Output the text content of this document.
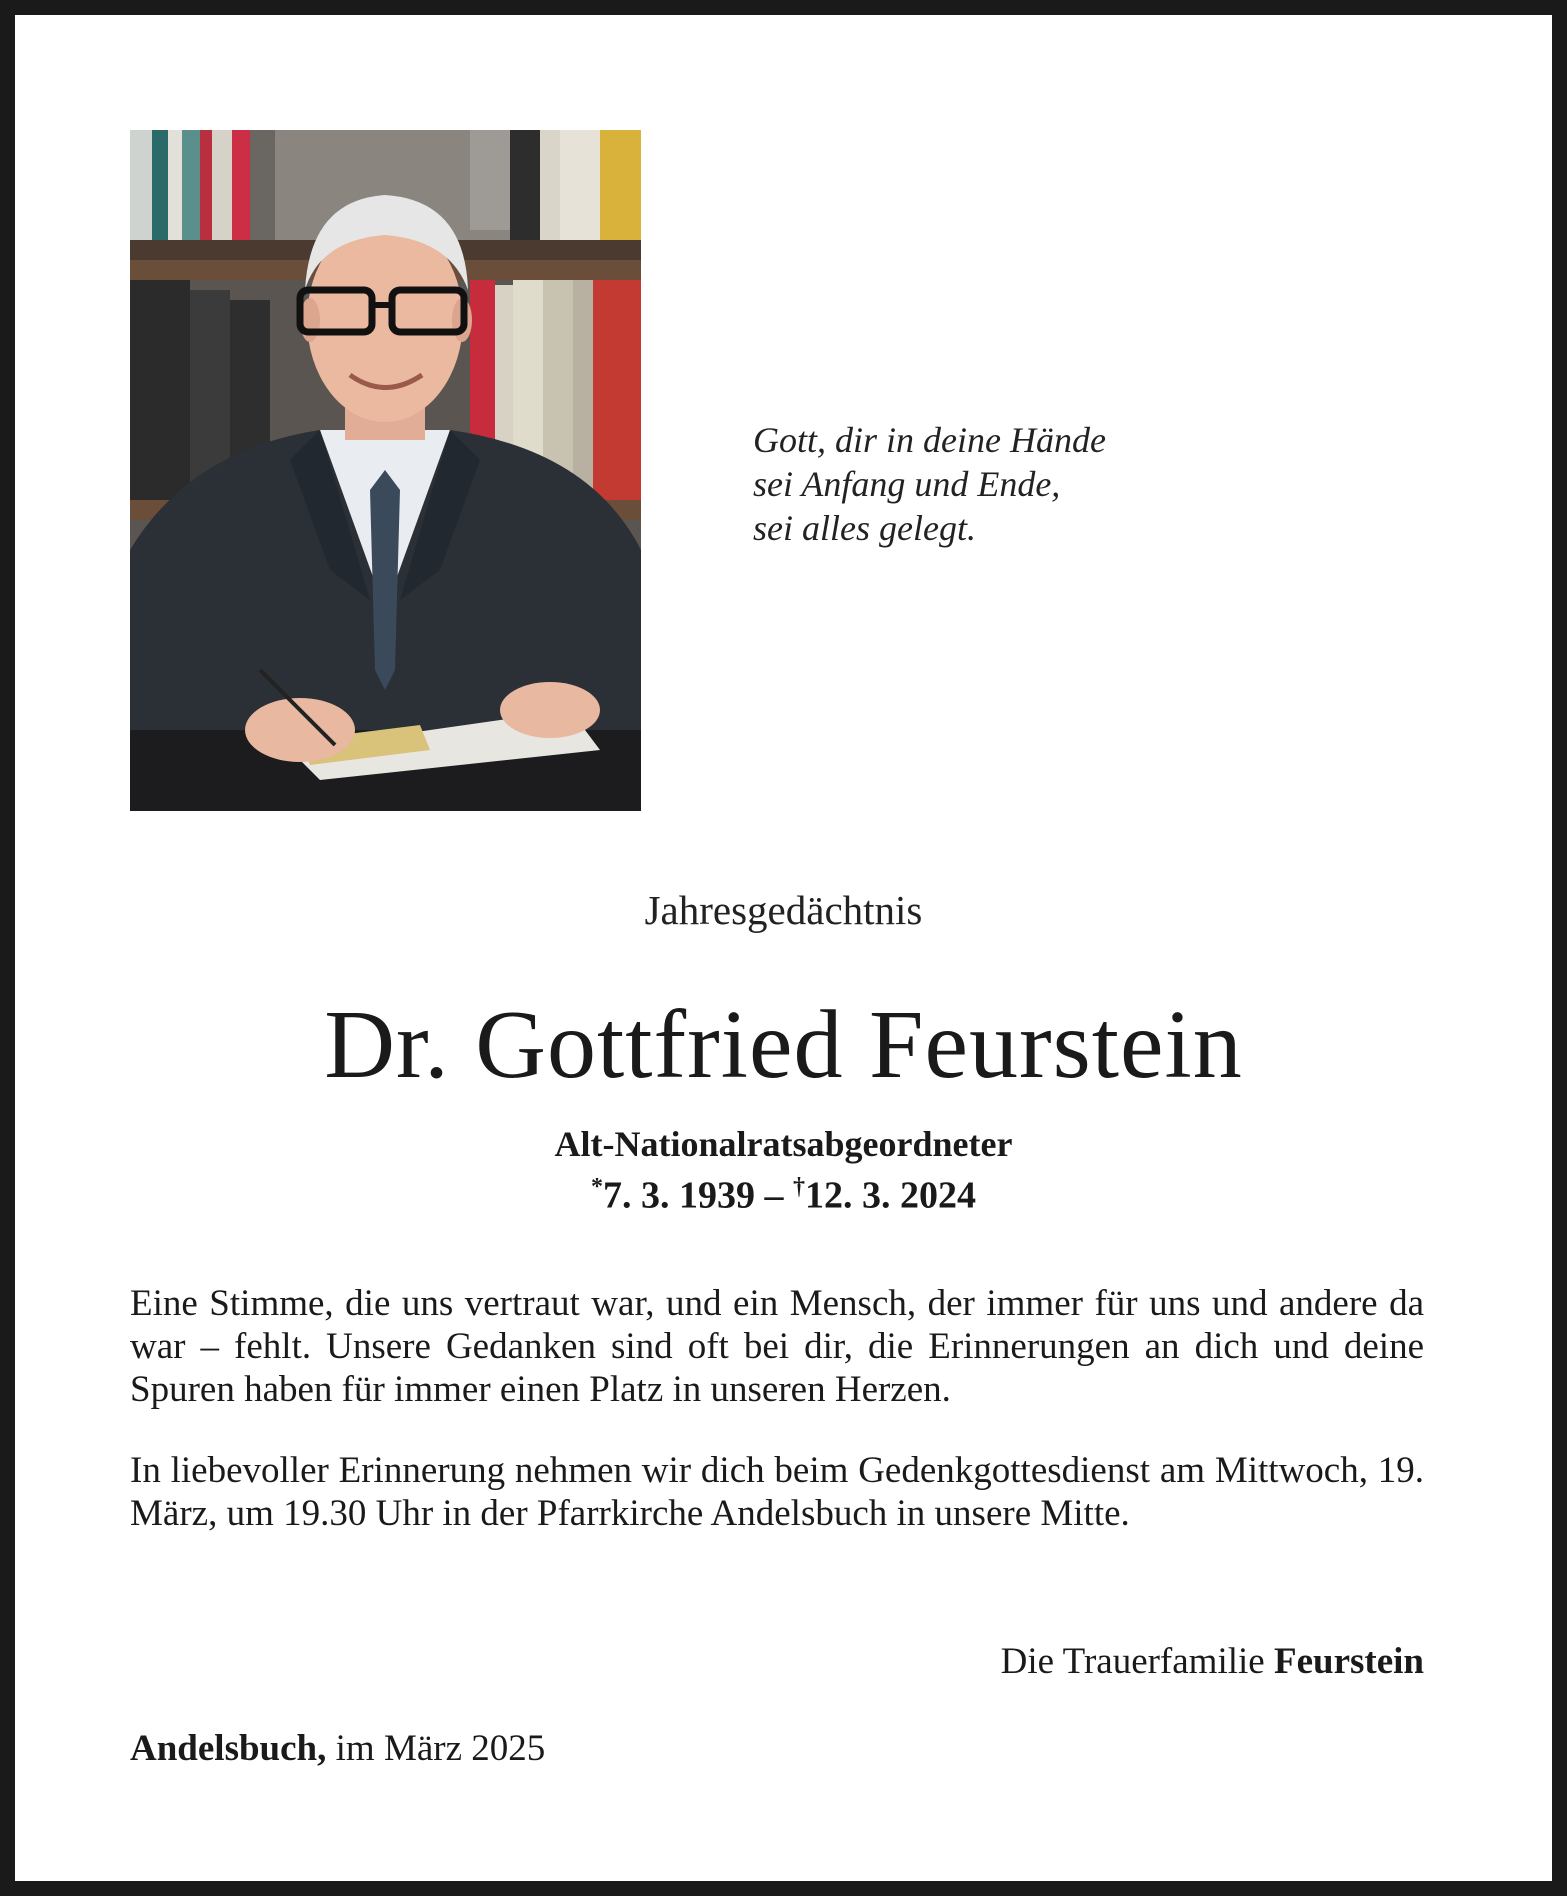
Gott, dir in deine Hände
sei Anfang und Ende,
sei alles gelegt.
Jahresgedächtnis
Dr. Gottfried Feurstein
Alt-Nationalratsabgeordneter
*7. 3. 1939 – †12. 3. 2024
Eine Stimme, die uns vertraut war, und ein Mensch, der immer für uns und andere da war – fehlt. Unsere Gedanken sind oft bei dir, die Erinnerungen an dich und deine Spuren haben für immer einen Platz in unseren Herzen.
In liebevoller Erinnerung nehmen wir dich beim Gedenkgottesdienst am Mittwoch, 19. März, um 19.30 Uhr in der Pfarrkirche Andelsbuch in unsere Mitte.
Die Trauerfamilie Feurstein
Andelsbuch, im März 2025
